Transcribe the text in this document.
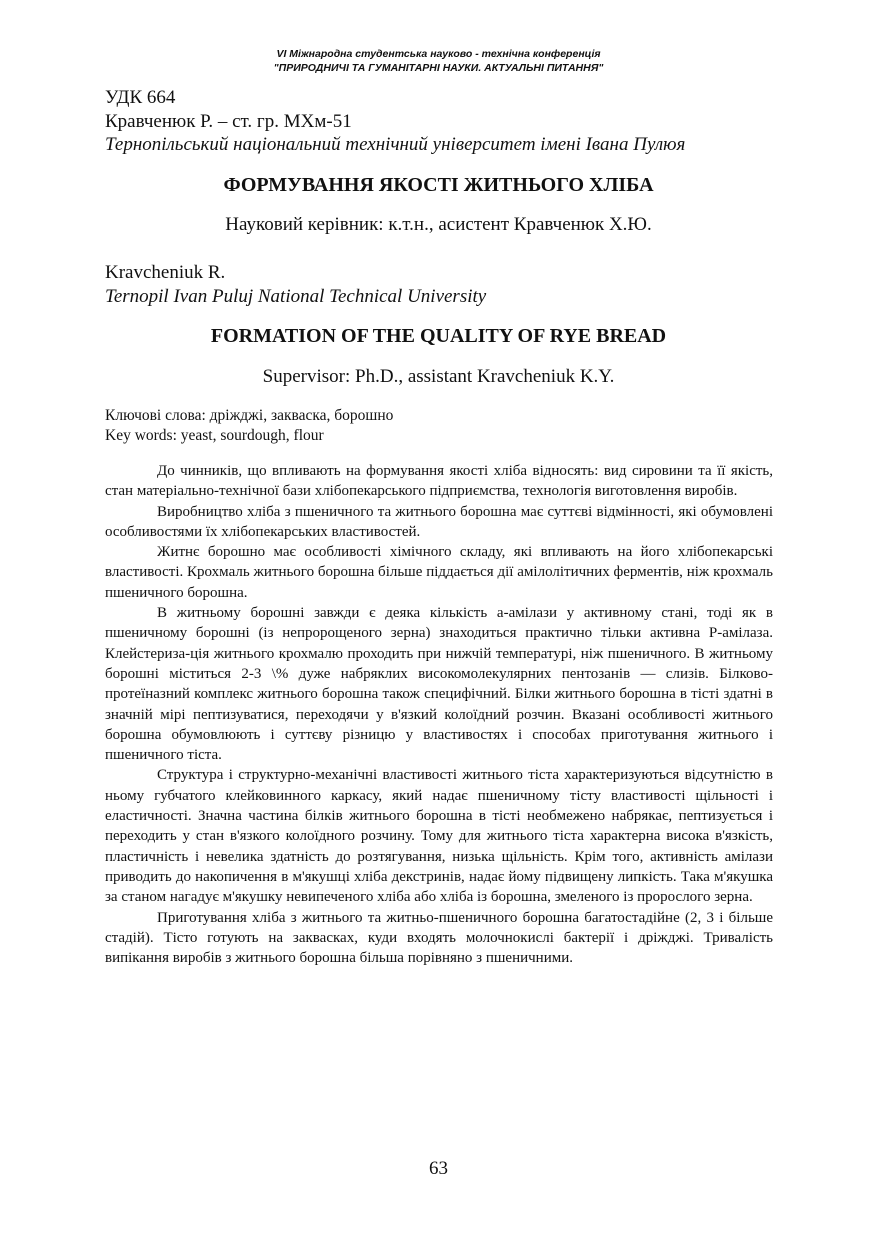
VI Міжнародна студентська науково - технічна конференція
"ПРИРОДНИЧІ ТА ГУМАНІТАРНІ НАУКИ. АКТУАЛЬНІ ПИТАННЯ"
УДК 664
Кравченюк Р. – ст. гр. МХм-51
Тернопільський національний технічний університет імені Івана Пулюя
ФОРМУВАННЯ ЯКОСТІ ЖИТНЬОГО ХЛІБА
Науковий керівник: к.т.н., асистент Кравченюк Х.Ю.
Kravcheniuk R.
Ternopil Ivan Puluj National Technical University
FORMATION OF THE QUALITY OF RYE BREAD
Supervisor: Ph.D., assistant Kravcheniuk K.Y.
Ключові слова: дріжджі, закваска, борошно
Key words: yeast, sourdough, flour

До чинників, що впливають на формування якості хліба відносять: вид сировини та її якість, стан матеріально-технічної бази хлібопекарського підприємства, технологія виготовлення виробів.

Виробництво хліба з пшеничного та житнього борошна має суттєві відмінності, які обумовлені особливостями їх хлібопекарських властивостей.

Житнє борошно має особливості хімічного складу, які впливають на його хлібопекарські властивості. Крохмаль житнього борошна більше піддається дії амілолітичних ферментів, ніж крохмаль пшеничного борошна.

В житньому борошні завжди є деяка кількість а-амілази у активному стані, тоді як в пшеничному борошні (із непророщеного зерна) знаходиться практично тільки активна Р-амілаза. Клейстериза-ція житнього крохмалю проходить при нижчій температурі, ніж пшеничного. В житньому борошні міститься 2-3 \% дуже набряклих високомолекулярних пентозанів — слизів. Білково-протеїназний комплекс житнього борошна також специфічний. Білки житнього борошна в тісті здатні в значній мірі пептизуватися, переходячи у в'язкий колоїдний розчин. Вказані особливості житнього борошна обумовлюють і суттєву різницю у властивостях і способах приготування житнього і пшеничного тіста.

Структура і структурно-механічні властивості житнього тіста характеризуються відсутністю в ньому губчатого клейковинного каркасу, який надає пшеничному тісту властивості щільності і еластичності. Значна частина білків житнього борошна в тісті необмежено набрякає, пептизується і переходить у стан в'язкого колоїдного розчину. Тому для житнього тіста характерна висока в'язкість, пластичність і невелика здатність до розтягування, низька щільність. Крім того, активність амілази приводить до накопичення в м'якушці хліба декстринів, надає йому підвищену липкість. Така м'якушка за станом нагадує м'якушку невипеченого хліба або хліба із борошна, змеленого із пророслого зерна.

Приготування хліба з житнього та житньо-пшеничного борошна багатостадійне (2, 3 і більше стадій). Тісто готують на заквасках, куди входять молочнокислі бактерії і дріжджі. Тривалість випікання виробів з житнього борошна більша порівняно з пшеничними.

63
